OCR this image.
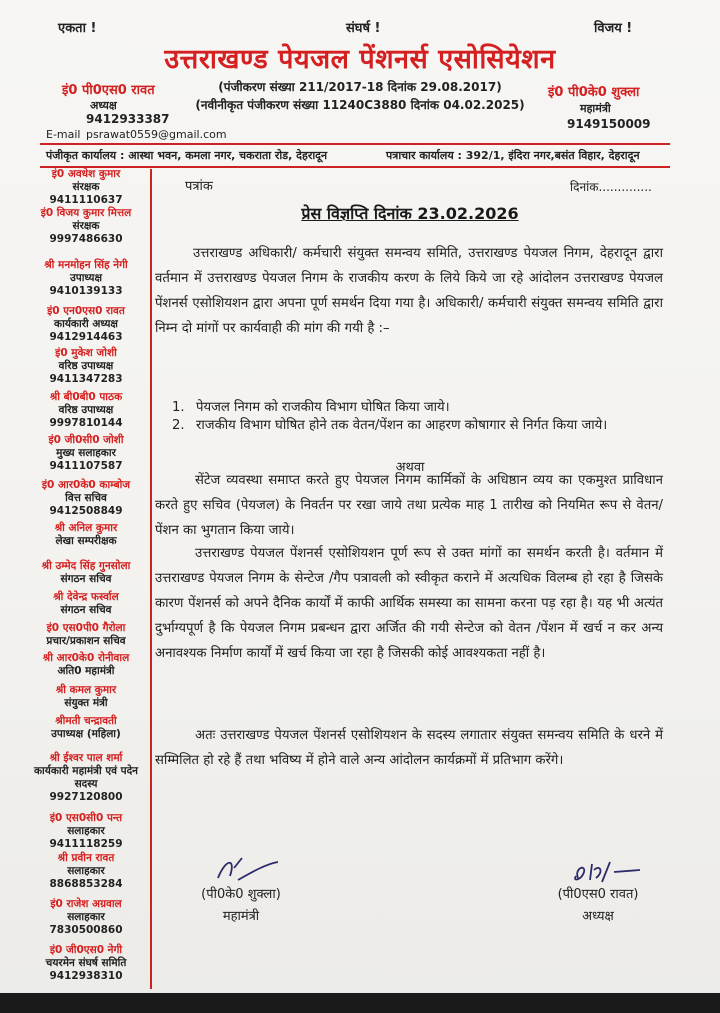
एकता !	संघर्ष !	विजय !
उत्तराखण्ड पेयजल पेंशनर्स एसोसियेशन
इं0 पी0एस0 रावत
अध्यक्ष
9412933387
E-mail psrawat0559@gmail.com
(पंजीकरण संख्या 211/2017-18 दिनांक 29.08.2017)
(नवीनीकृत पंजीकरण संख्या 11240C3880 दिनांक 04.02.2025)
इं0 पी0के0 शुक्ला
महामंत्री
9149150009
पंजीकृत कार्यालय : आस्था भवन, कमला नगर, चकराता रोड, देहरादून	पत्राचार कार्यालय : 392/1, इंदिरा नगर,बसंत विहार, देहरादून
इं0 अवधेश कुमार
संरक्षक
9411110637
इं0 विजय कुमार मित्तल
संरक्षक
9997486630
श्री मनमोहन सिंह नेगी
उपाध्यक्ष
9410139133
इं0 एन0एस0 रावत
कार्यकारी अध्यक्ष
9412914463
इं0 मुकेश जोशी
वरिष्ठ उपाध्यक्ष
9411347283
श्री बी0बी0 पाठक
वरिष्ठ उपाध्यक्ष
9997810144
इं0 जी0सी0 जोशी
मुख्य सलाहकार
9411107587
इं0 आर0के0 काम्बोज
वित्त सचिव
9412508849
श्री अनिल कुमार
लेखा सम्परीक्षक
श्री उम्मेद सिंह गुनसोला
संगठन सचिव
श्री देवेन्द्र फर्स्वाल
संगठन सचिव
इं0 एस0पी0 गैरोला
प्रचार/प्रकाशन सचिव
श्री आर0के0 रोनीवाल
अति0 महामंत्री
श्री कमल कुमार
संयुक्त मंत्री
श्रीमती चन्द्रावती
उपाध्यक्ष (महिला)
श्री ईश्वर पाल शर्मा
कार्यकारी महामंत्री एवं पदेन सदस्य
9927120800
इं0 एस0सी0 पन्त
सलाहकार
9411118259
श्री प्रवीन रावत
सलाहकार
8868853284
इं0 राजेश अग्रवाल
सलाहकार
7830500860
इं0 जी0एस0 नेगी
चयरमेन संघर्ष समिति
9412938310
पत्रांक	दिनांक..............
प्रेस विज्ञप्ति दिनांक 23.02.2026
उत्तराखण्ड अधिकारी/ कर्मचारी संयुक्त समन्वय समिति, उत्तराखण्ड पेयजल निगम, देहरादून द्वारा वर्तमान में उत्तराखण्ड पेयजल निगम के राजकीय करण के लिये किये जा रहे आंदोलन उत्तराखण्ड पेयजल पेंशनर्स एसोशियशन द्वारा अपना पूर्ण समर्थन दिया गया है। अधिकारी/ कर्मचारी संयुक्त समन्वय समिति द्वारा निम्न दो मांगों पर कार्यवाही की मांग की गयी है :–
1. पेयजल निगम को राजकीय विभाग घोषित किया जाये।
2. राजकीय विभाग घोषित होने तक वेतन/पेंशन का आहरण कोषागार से निर्गत किया जाये।
अथवा
सेंटेज व्यवस्था समाप्त करते हुए पेयजल निगम कार्मिकों के अधिष्ठान व्यय का एकमुश्त प्राविधान करते हुए सचिव (पेयजल) के निवर्तन पर रखा जाये तथा प्रत्येक माह 1 तारीख को नियमित रूप से वेतन/पेंशन का भुगतान किया जाये।
उत्तराखण्ड पेयजल पेंशनर्स एसोशियशन पूर्ण रूप से उक्त मांगों का समर्थन करती है। वर्तमान में उत्तराखण्ड पेयजल निगम के सेन्टेज /गैप पत्रावली को स्वीकृत कराने में अत्यधिक विलम्ब हो रहा है जिसके कारण पेंशनर्स को अपने दैनिक कार्यों में काफी आर्थिक समस्या का सामना करना पड़ रहा है। यह भी अत्यंत दुर्भाग्यपूर्ण है कि पेयजल निगम प्रबन्धन द्वारा अर्जित की गयी सेन्टेज को वेतन /पेंशन में खर्च न कर अन्य अनावश्यक निर्माण कार्यों में खर्च किया जा रहा है जिसकी कोई आवश्यकता नहीं है।
अतः उत्तराखण्ड पेयजल पेंशनर्स एसोशियशन के सदस्य लगातार संयुक्त समन्वय समिति के धरने में सम्मिलित हो रहे हैं तथा भविष्य में होने वाले अन्य आंदोलन कार्यक्रमों में प्रतिभाग करेंगे।
(पी0के0 शुक्ला)
महामंत्री
(पी0एस0 रावत)
अध्यक्ष
